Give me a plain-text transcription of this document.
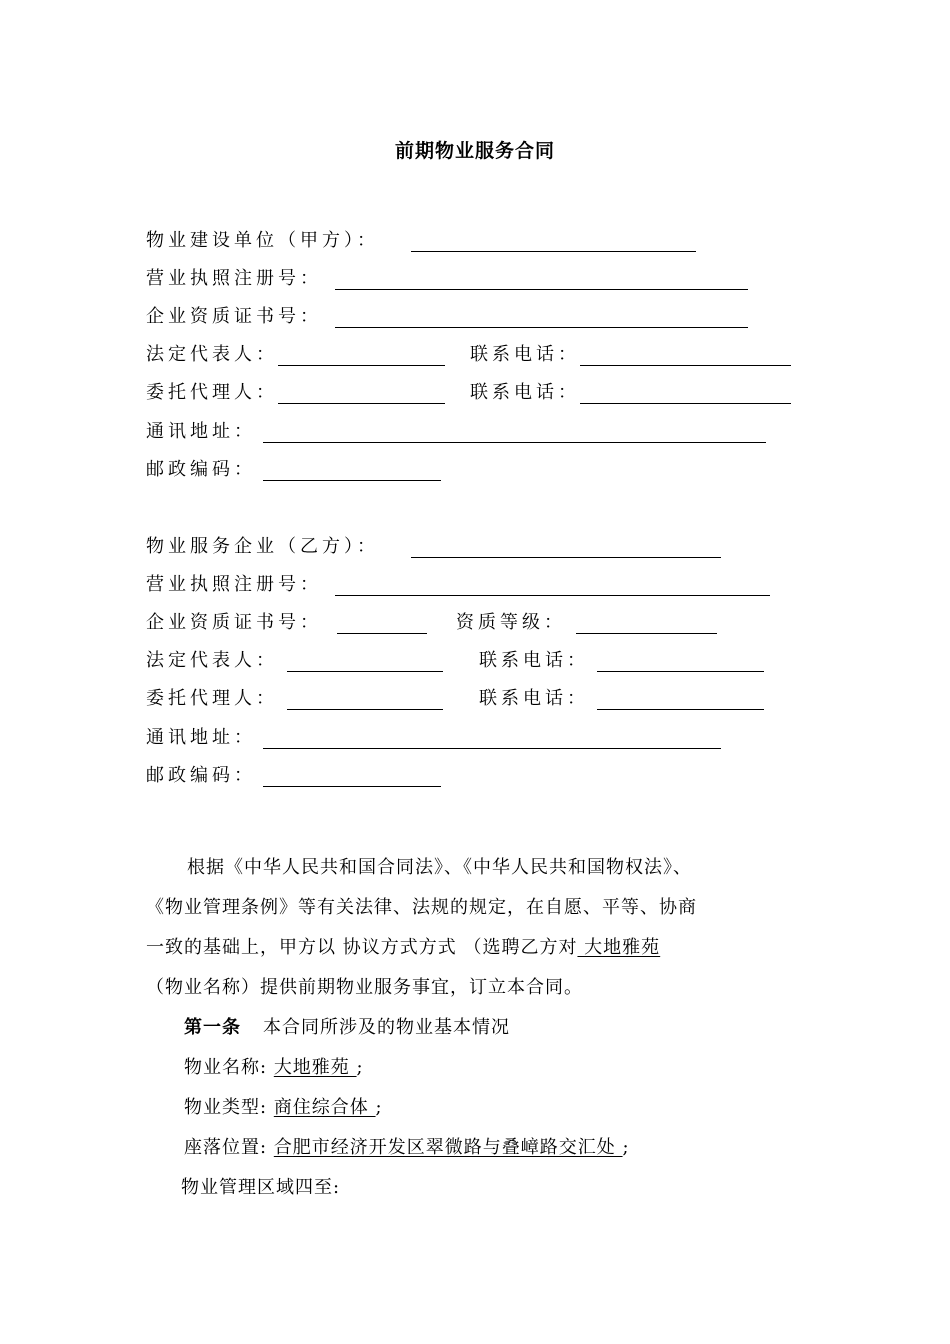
前期物业服务合同
物业建设单位（甲方）：
营业执照注册号：
企业资质证书号：
法定代表人：	联系电话：
委托代理人：	联系电话：
通讯地址：
邮政编码：
物业服务企业（乙方）：
营业执照注册号：
企业资质证书号：	资质等级：
法定代表人：	联系电话：
委托代理人：	联系电话：
通讯地址：
邮政编码：
根据《中华人民共和国合同法》、《中华人民共和国物权法》、
《物业管理条例》等有关法律、法规的规定，在自愿、平等、协商
一致的基础上，甲方以 协议方式方式 （选聘乙方对 大地雅苑
（物业名称）提供前期物业服务事宜，订立本合同。
第一条 本合同所涉及的物业基本情况
物业名称: 大地雅苑 ;
物业类型: 商住综合体 ;
座落位置: 合肥市经济开发区翠微路与叠嶂路交汇处 ;
物业管理区域四至:
